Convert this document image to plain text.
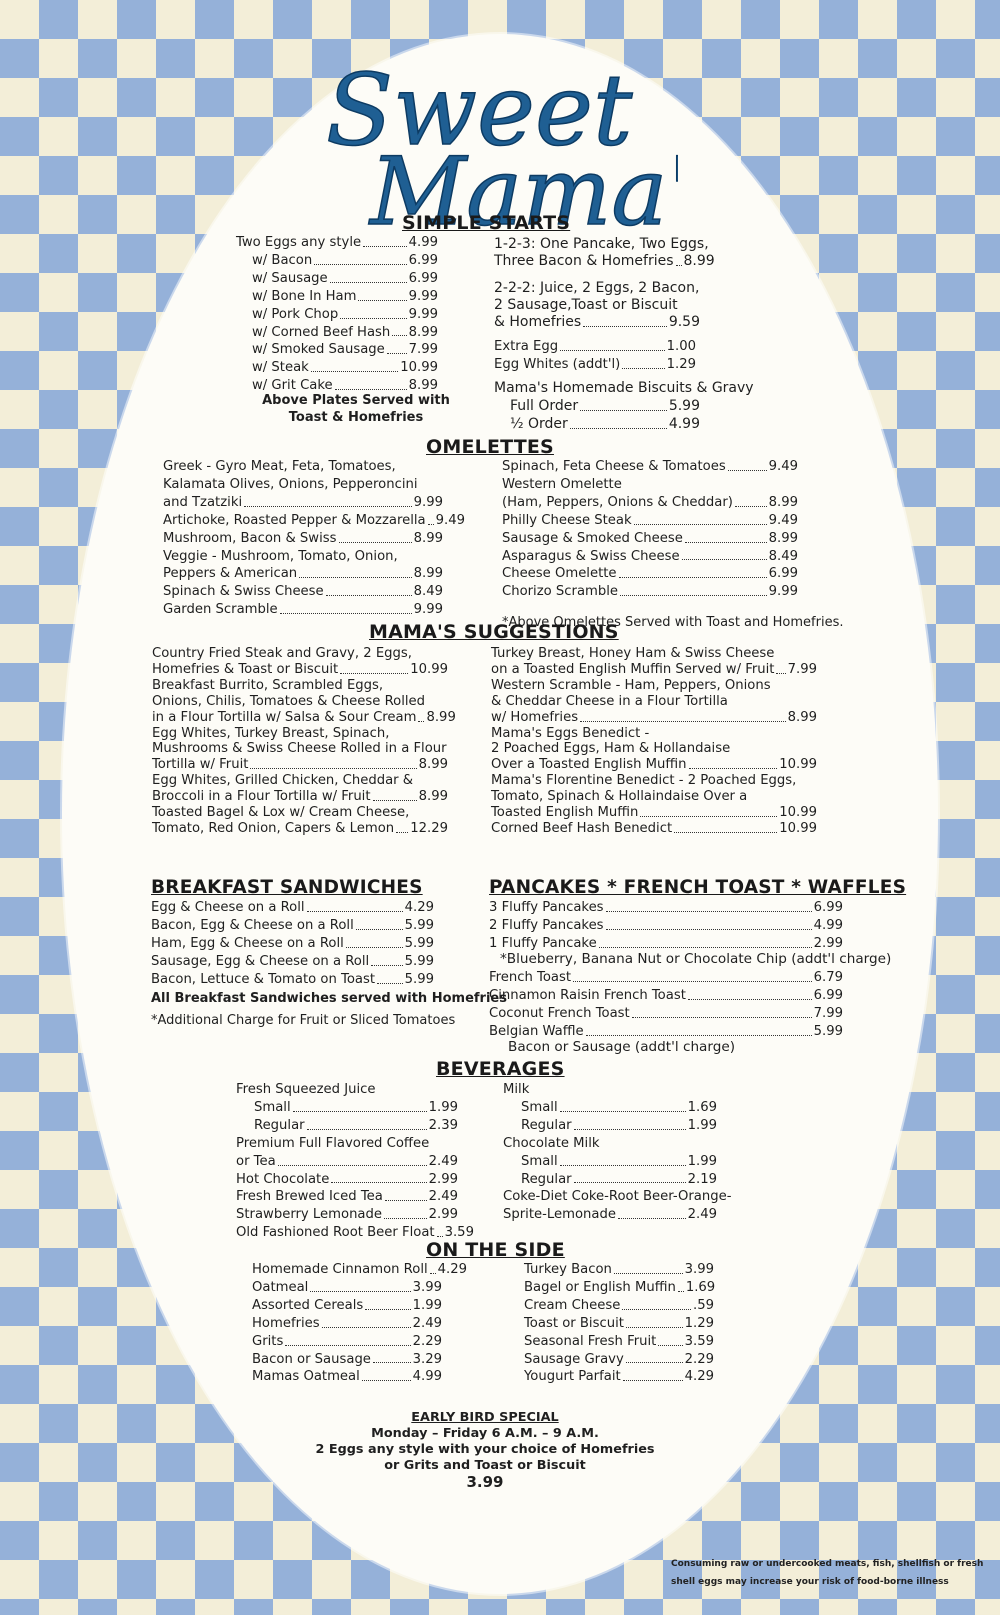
Sweet
Mama
SIMPLE STARTS
Two Eggs any style	4.99
w/ Bacon	6.99
w/ Sausage	6.99
w/ Bone In Ham	9.99
w/ Pork Chop	9.99
w/ Corned Beef Hash 8.99
w/ Smoked Sausage 7.99
w/ Steak	10.99
w/ Grit Cake	8.99
Above Plates Served with
Toast & Homefries
1-2-3: One Pancake, Two Eggs,
Three Bacon & Homefries 8.99
2-2-2: Juice, 2 Eggs, 2 Bacon,
2 Sausage,Toast or Biscuit
& Homefries	9.59
Extra Egg	1.00
Egg Whites (addt'l)	1.29
Mama's Homemade Biscuits & Gravy
Full Order	5.99
½ Order	4.99
OMELETTES
Greek - Gyro Meat, Feta, Tomatoes,
Kalamata Olives, Onions, Pepperoncini
and Tzatziki	9.99
Artichoke, Roasted Pepper & Mozzarella 9.49
Mushroom, Bacon & Swiss	8.99
Veggie - Mushroom, Tomato, Onion,
Peppers & American	8.99
Spinach & Swiss Cheese	8.49
Garden Scramble	9.99
Spinach, Feta Cheese & Tomatoes	9.49
Western Omelette
(Ham, Peppers, Onions & Cheddar)	8.99
Philly Cheese Steak	9.49
Sausage & Smoked Cheese	8.99
Asparagus & Swiss Cheese	8.49
Cheese Omelette	6.99
Chorizo Scramble	9.99
*Above Omelettes Served with Toast and Homefries.
MAMA'S SUGGESTIONS
Country Fried Steak and Gravy, 2 Eggs,
Homefries & Toast or Biscuit	10.99
Breakfast Burrito, Scrambled Eggs,
Onions, Chilis, Tomatoes & Cheese Rolled
in a Flour Tortilla w/ Salsa & Sour Cream 8.99
Egg Whites, Turkey Breast, Spinach,
Mushrooms & Swiss Cheese Rolled in a Flour
Tortilla w/ Fruit	8.99
Egg Whites, Grilled Chicken, Cheddar &
Broccoli in a Flour Tortilla w/ Fruit	8.99
Toasted Bagel & Lox w/ Cream Cheese,
Tomato, Red Onion, Capers & Lemon 12.29
Turkey Breast, Honey Ham & Swiss Cheese
on a Toasted English Muffin Served w/ Fruit 7.99
Western Scramble - Ham, Peppers, Onions
& Cheddar Cheese in a Flour Tortilla
w/ Homefries	8.99
Mama's Eggs Benedict -
2 Poached Eggs, Ham & Hollandaise
Over a Toasted English Muffin	10.99
Mama's Florentine Benedict - 2 Poached Eggs,
Tomato, Spinach & Hollaindaise Over a
Toasted English Muffin	10.99
Corned Beef Hash Benedict	10.99
BREAKFAST SANDWICHES
Egg & Cheese on a Roll	4.29
Bacon, Egg & Cheese on a Roll	5.99
Ham, Egg & Cheese on a Roll	5.99
Sausage, Egg & Cheese on a Roll	5.99
Bacon, Lettuce & Tomato on Toast 5.99
All Breakfast Sandwiches served with Homefries
*Additional Charge for Fruit or Sliced Tomatoes
PANCAKES * FRENCH TOAST * WAFFLES
3 Fluffy Pancakes	6.99
2 Fluffy Pancakes	4.99
1 Fluffy Pancake	2.99
*Blueberry, Banana Nut or Chocolate Chip (addt'l charge)
French Toast	6.79
Cinnamon Raisin French Toast	6.99
Coconut French Toast	7.99
Belgian Waffle	5.99
Bacon or Sausage (addt'l charge)
BEVERAGES
Fresh Squeezed Juice
Small	1.99
Regular	2.39
Premium Full Flavored Coffee
or Tea	2.49
Hot Chocolate	2.99
Fresh Brewed Iced Tea	2.49
Strawberry Lemonade	2.99
Old Fashioned Root Beer Float 3.59
Milk
Small	1.69
Regular	1.99
Chocolate Milk
Small	1.99
Regular	2.19
Coke-Diet Coke-Root Beer-Orange-
Sprite-Lemonade	2.49
ON THE SIDE
Homemade Cinnamon Roll 4.29
Oatmeal	3.99
Assorted Cereals	1.99
Homefries	2.49
Grits	2.29
Bacon or Sausage	3.29
Mamas Oatmeal	4.99
Turkey Bacon	3.99
Bagel or English Muffin 1.69
Cream Cheese	.59
Toast or Biscuit	1.29
Seasonal Fresh Fruit 3.59
Sausage Gravy	2.29
Yougurt Parfait	4.29
EARLY BIRD SPECIAL
Monday – Friday 6 A.M. – 9 A.M.
2 Eggs any style with your choice of Homefries
or Grits and Toast or Biscuit
3.99
Consuming raw or undercooked meats, fish, shellfish or fresh
shell eggs may increase your risk of food-borne illness
